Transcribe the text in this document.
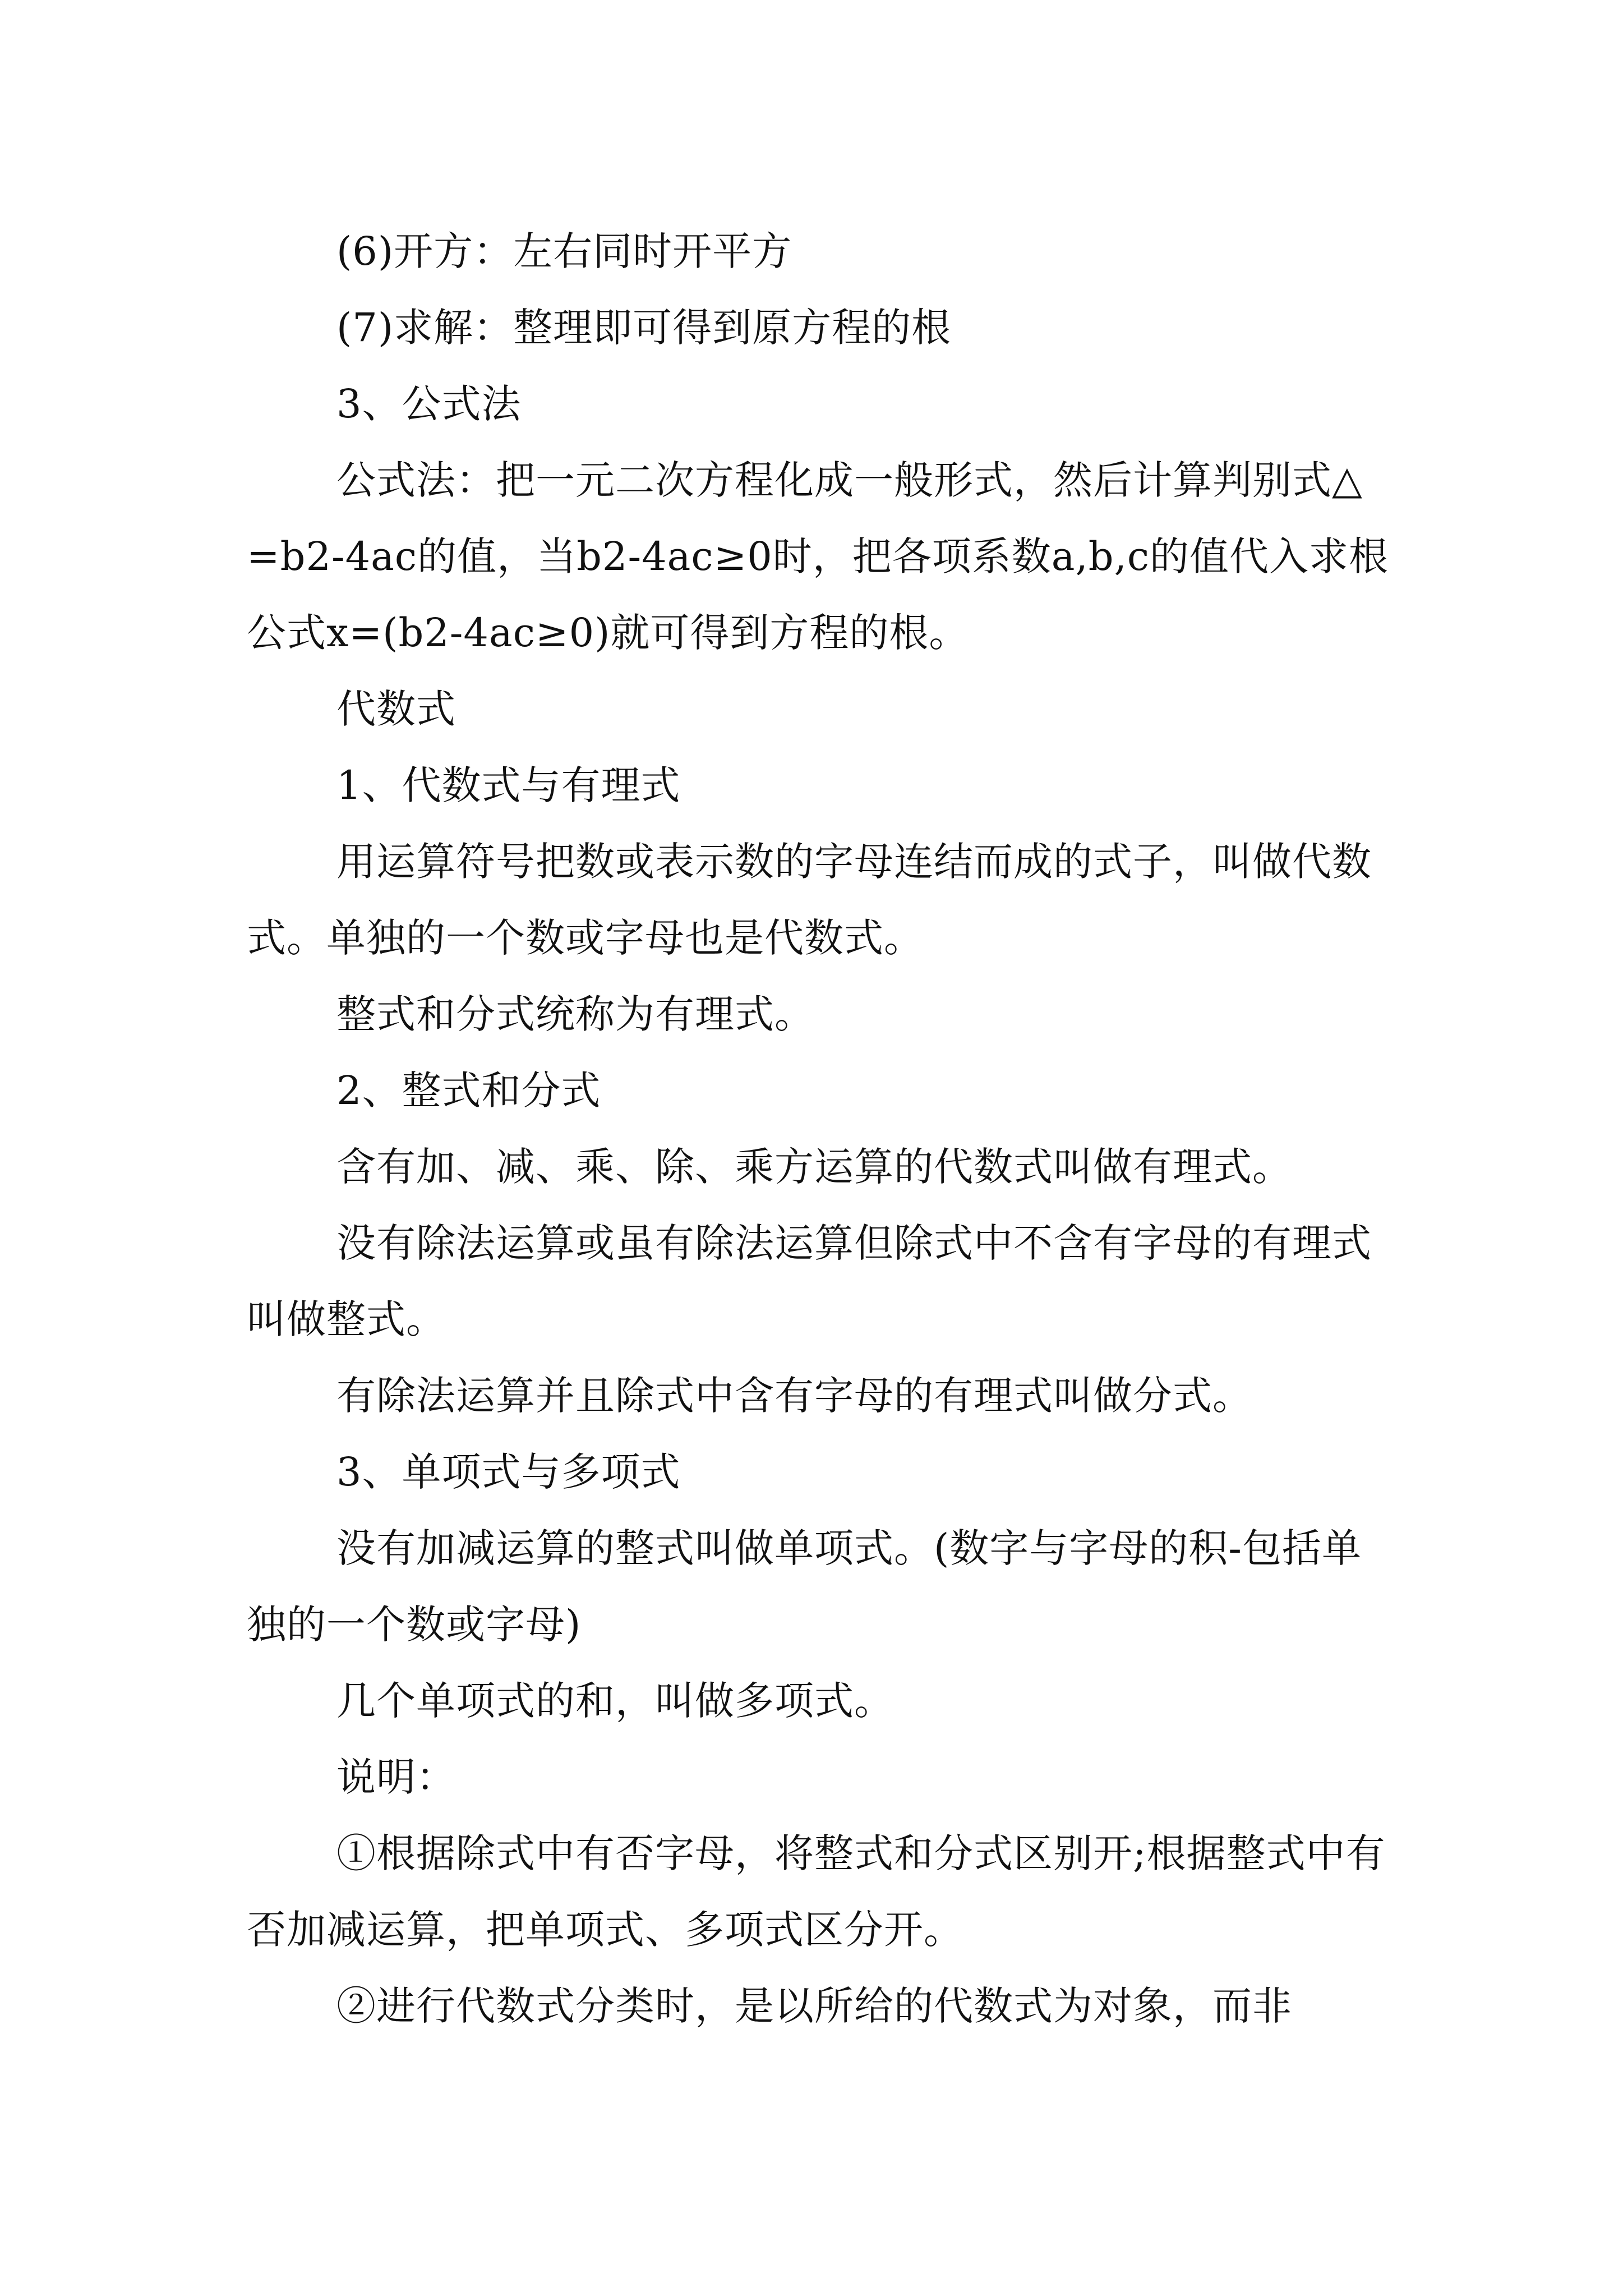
(6)开方：左右同时开平方

(7)求解：整理即可得到原方程的根

3、公式法

公式法：把一元二次方程化成一般形式，然后计算判别式△=b2-4ac的值，当b2-4ac≥0时，把各项系数a,b,c的值代入求根公式x=(b2-4ac≥0)就可得到方程的根。

代数式

1、代数式与有理式

用运算符号把数或表示数的字母连结而成的式子，叫做代数式。单独的一个数或字母也是代数式。

整式和分式统称为有理式。

2、整式和分式

含有加、减、乘、除、乘方运算的代数式叫做有理式。

没有除法运算或虽有除法运算但除式中不含有字母的有理式叫做整式。

有除法运算并且除式中含有字母的有理式叫做分式。

3、单项式与多项式

没有加减运算的整式叫做单项式。(数字与字母的积-包括单独的一个数或字母)

几个单项式的和，叫做多项式。

说明：

①根据除式中有否字母，将整式和分式区别开;根据整式中有否加减运算，把单项式、多项式区分开。

②进行代数式分类时，是以所给的代数式为对象，而非
